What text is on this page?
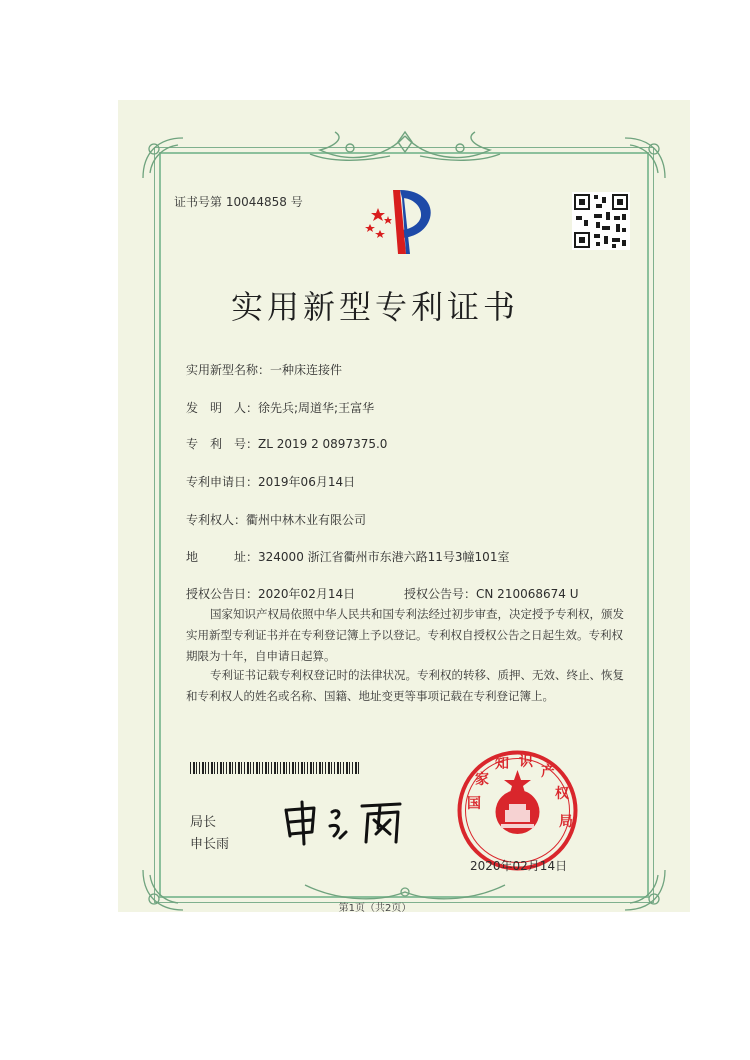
证书号第 10044858 号
实用新型专利证书
实用新型名称：一种床连接件
发　明　人：徐先兵;周道华;王富华
专　利　号：ZL 2019 2 0897375.0
专利申请日：2019年06月14日
专利权人：衢州中林木业有限公司
地　　　址：324000 浙江省衢州市东港六路11号3幢101室
授权公告日：2020年02月14日	授权公告号：CN 210068674 U
国家知识产权局依照中华人民共和国专利法经过初步审查，决定授予专利权，颁发实用新型专利证书并在专利登记簿上予以登记。专利权自授权公告之日起生效。专利权期限为十年，自申请日起算。
专利证书记载专利权登记时的法律状况。专利权的转移、质押、无效、终止、恢复和专利权人的姓名或名称、国籍、地址变更等事项记载在专利登记簿上。
局长
申长雨
国
家
知 识
产
权
局
2020年02月14日
第1页（共2页）
